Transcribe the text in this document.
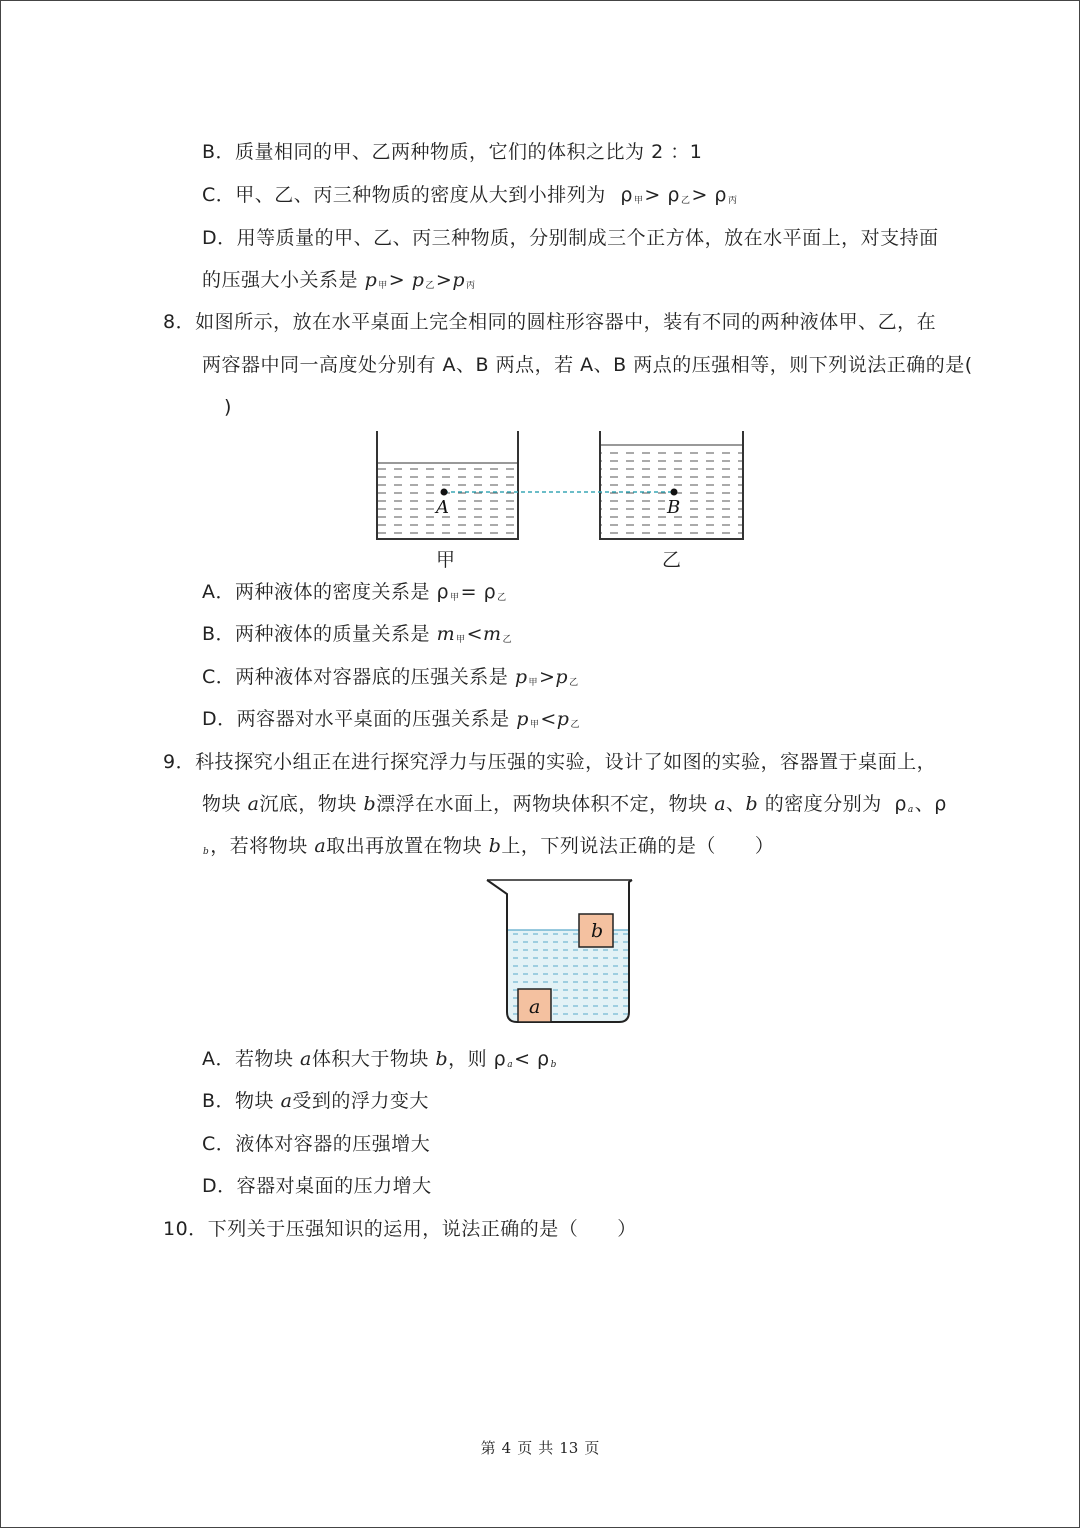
B．质量相同的甲、乙两种物质，它们的体积之比为 2 ：1
C．甲、乙、丙三种物质的密度从大到小排列为 $\rho_甲> \rho_乙> \rho_丙$
D．用等质量的甲、乙、丙三种物质，分别制成三个正方体，放在水平面上，对支持面
的压强大小关系是 $p_甲> p_乙>p_丙$
8．如图所示，放在水平桌面上完全相同的圆柱形容器中，装有不同的两种液体甲、乙，在
两容器中同一高度处分别有 A、B 两点，若 A、B 两点的压强相等，则下列说法正确的是(
)
A	B
甲	乙
A．两种液体的密度关系是 $\rho_甲= \rho_乙$
B．两种液体的质量关系是 $m_甲<m_乙$
C．两种液体对容器底的压强关系是 $p_甲>p_乙$
D．两容器对水平桌面的压强关系是 $p_甲<p_乙$
9．科技探究小组正在进行探究浮力与压强的实验，设计了如图的实验，容器置于桌面上，
物块 a沉底，物块 b漂浮在水面上，两物块体积不定，物块 a、b 的密度分别为 $\rho_a$、ρ
$_b$，若将物块 a取出再放置在物块 b上，下列说法正确的是（　　）
b
a
A．若物块 a体积大于物块 b，则 $\rho_a< \rho_b$
B．物块 a受到的浮力变大
C．液体对容器的压强增大
D．容器对桌面的压力增大
10．下列关于压强知识的运用，说法正确的是（　　）
第 4 页 共 13 页
